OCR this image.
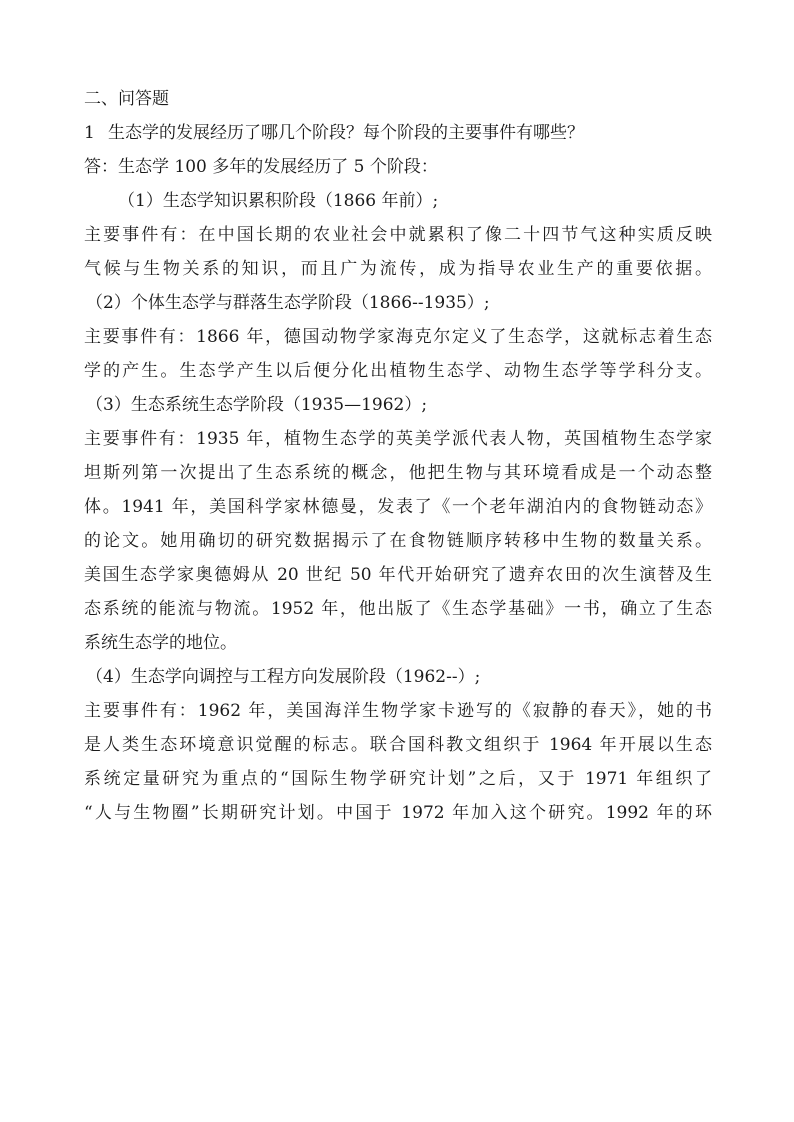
二、问答题

1 生态学的发展经历了哪几个阶段？每个阶段的主要事件有哪些？

答：生态学 100 多年的发展经历了 5 个阶段：

（1）生态学知识累积阶段（1866 年前）;

主要事件有：在中国长期的农业社会中就累积了像二十四节气这种实质反映

气候与生物关系的知识，而且广为流传，成为指导农业生产的重要依据。

（2）个体生态学与群落生态学阶段（1866--1935）;

主要事件有：1866 年，德国动物学家海克尔定义了生态学，这就标志着生态

学的产生。生态学产生以后便分化出植物生态学、动物生态学等学科分支。

（3）生态系统生态学阶段（1935—1962）;

主要事件有：1935 年，植物生态学的英美学派代表人物，英国植物生态学家

坦斯列第一次提出了生态系统的概念，他把生物与其环境看成是一个动态整

体。1941 年，美国科学家林德曼，发表了《一个老年湖泊内的食物链动态》

的论文。她用确切的研究数据揭示了在食物链顺序转移中生物的数量关系。

美国生态学家奥德姆从 20 世纪 50 年代开始研究了遗弃农田的次生演替及生

态系统的能流与物流。1952 年，他出版了《生态学基础》一书，确立了生态

系统生态学的地位。

（4）生态学向调控与工程方向发展阶段（1962--）;

主要事件有：1962 年，美国海洋生物学家卡逊写的《寂静的春天》，她的书

是人类生态环境意识觉醒的标志。联合国科教文组织于 1964 年开展以生态

系统定量研究为重点的“国际生物学研究计划”之后，又于 1971 年组织了

“人与生物圈”长期研究计划。中国于 1972 年加入这个研究。1992 年的环
